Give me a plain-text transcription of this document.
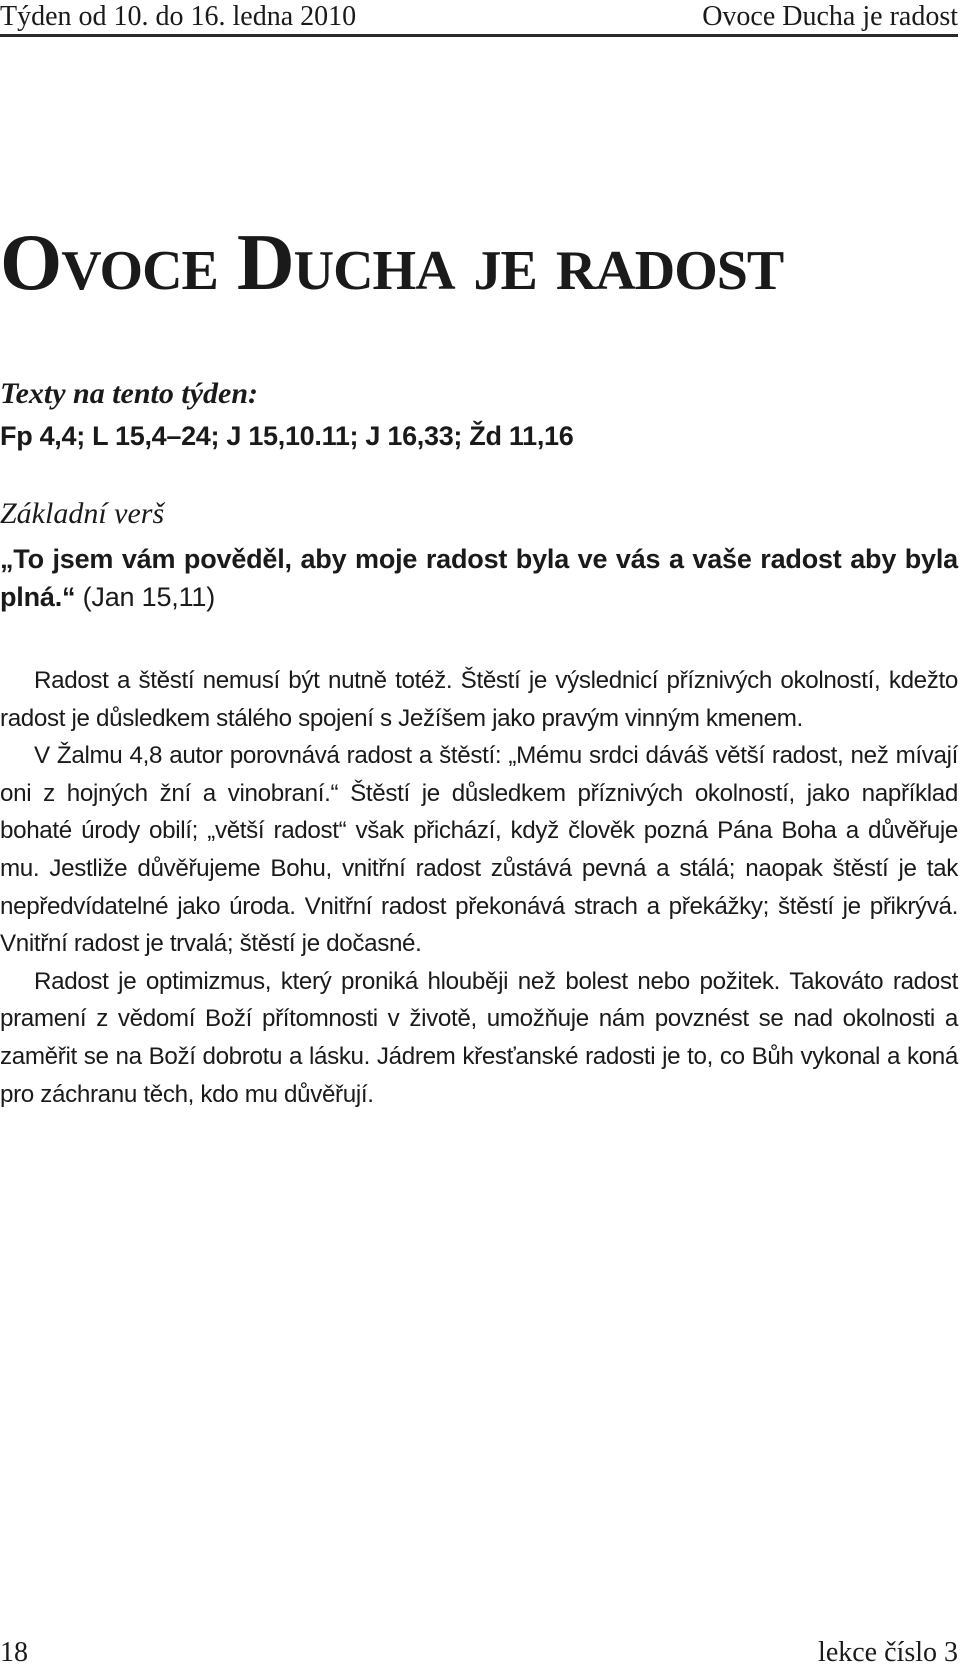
Týden od 10. do 16. ledna 2010	Ovoce Ducha je radost
Ovoce Ducha je radost
Texty na tento týden:
Fp 4,4; L 15,4–24; J 15,10.11; J 16,33; Žd 11,16
Základní verš
„To jsem vám pověděl, aby moje radost byla ve vás a vaše radost aby byla plná.“ (Jan 15,11)

Radost a štěstí nemusí být nutně totéž. Štěstí je výslednicí příznivých okolností, kdežto radost je důsledkem stálého spojení s Ježíšem jako pravým vinným kmenem.

V Žalmu 4,8 autor porovnává radost a štěstí: „Mému srdci dáváš větší radost, než mívají oni z hojných žní a vinobraní.“ Štěstí je důsledkem příznivých okolností, jako například bohaté úrody obilí; „větší radost“ však přichází, když člověk pozná Pána Boha a důvěřuje mu. Jestliže důvěřujeme Bohu, vnitřní radost zůstává pevná a stálá; naopak štěstí je tak nepředvídatelné jako úroda. Vnitřní radost překonává strach a překážky; štěstí je přikrývá. Vnitřní radost je trvalá; štěstí je dočasné.

Radost je optimizmus, který proniká hlouběji než bolest nebo požitek. Takováto radost pramení z vědomí Boží přítomnosti v životě, umožňuje nám povznést se nad okolnosti a zaměřit se na Boží dobrotu a lásku. Jádrem křesťanské radosti je to, co Bůh vykonal a koná pro záchranu těch, kdo mu důvěřují.

18	lekce číslo 3
